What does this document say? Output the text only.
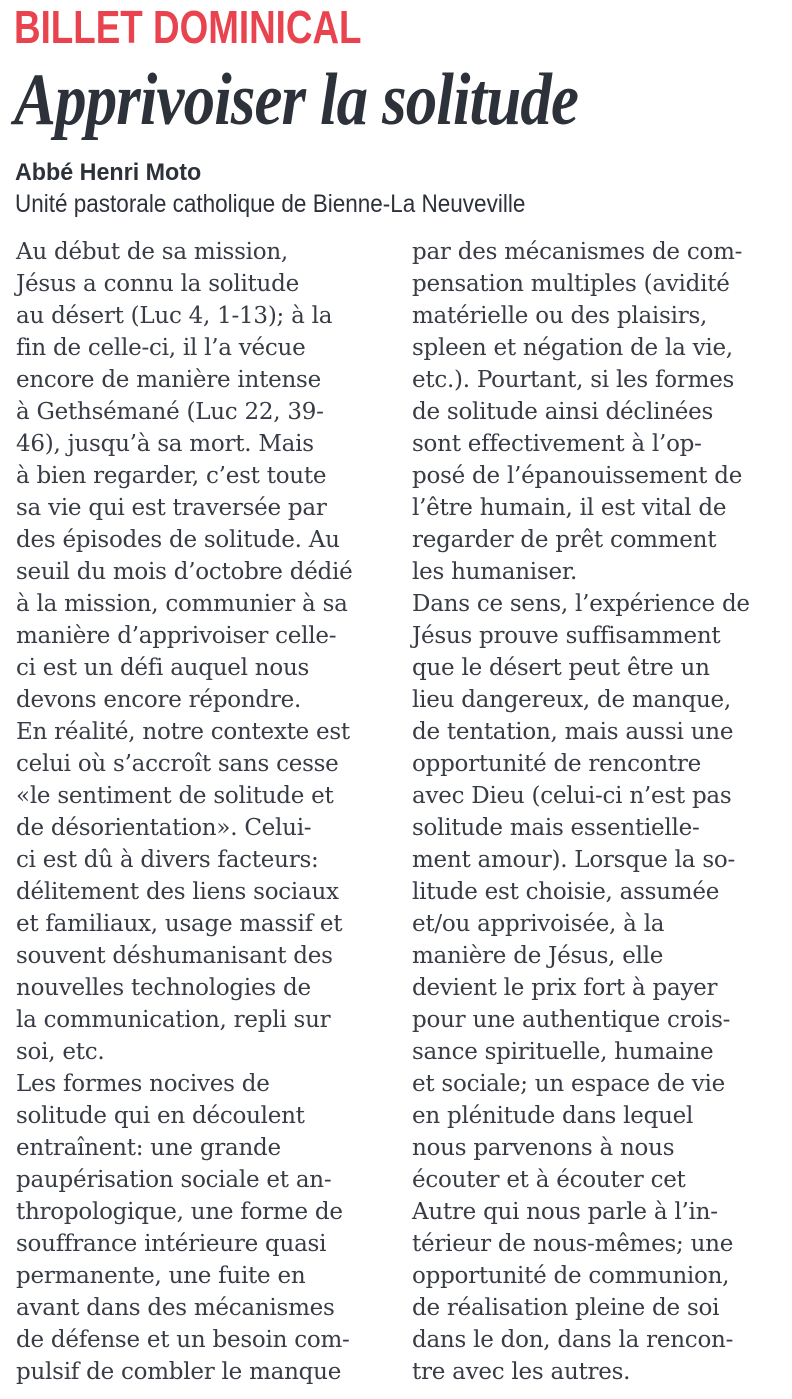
BILLET DOMINICAL
Apprivoiser la solitude
Abbé Henri Moto
Unité pastorale catholique de Bienne-La Neuveville
Au début de sa mission,
Jésus a connu la solitude
au désert (Luc 4, 1-13); à la
fin de celle-ci, il l’a vécue
encore de manière intense
à Gethsémané (Luc 22, 39-
46), jusqu’à sa mort. Mais
à bien regarder, c’est toute
sa vie qui est traversée par
des épisodes de solitude. Au
seuil du mois d’octobre dédié
à la mission, communier à sa
manière d’apprivoiser celle-
ci est un défi auquel nous
devons encore répondre.
En réalité, notre contexte est
celui où s’accroît sans cesse
«le sentiment de solitude et
de désorientation». Celui-
ci est dû à divers facteurs:
délitement des liens sociaux
et familiaux, usage massif et
souvent déshumanisant des
nouvelles technologies de
la communication, repli sur
soi, etc.
Les formes nocives de
solitude qui en découlent
entraînent: une grande
paupérisation sociale et an-
thropologique, une forme de
souffrance intérieure quasi
permanente, une fuite en
avant dans des mécanismes
de défense et un besoin com-
pulsif de combler le manque
par des mécanismes de com-
pensation multiples (avidité
matérielle ou des plaisirs,
spleen et négation de la vie,
etc.). Pourtant, si les formes
de solitude ainsi déclinées
sont effectivement à l’op-
posé de l’épanouissement de
l’être humain, il est vital de
regarder de prêt comment
les humaniser.
Dans ce sens, l’expérience de
Jésus prouve suffisamment
que le désert peut être un
lieu dangereux, de manque,
de tentation, mais aussi une
opportunité de rencontre
avec Dieu (celui-ci n’est pas
solitude mais essentielle-
ment amour). Lorsque la so-
litude est choisie, assumée
et/ou apprivoisée, à la
manière de Jésus, elle
devient le prix fort à payer
pour une authentique crois-
sance spirituelle, humaine
et sociale; un espace de vie
en plénitude dans lequel
nous parvenons à nous
écouter et à écouter cet
Autre qui nous parle à l’in-
térieur de nous-mêmes; une
opportunité de communion,
de réalisation pleine de soi
dans le don, dans la rencon-
tre avec les autres.
